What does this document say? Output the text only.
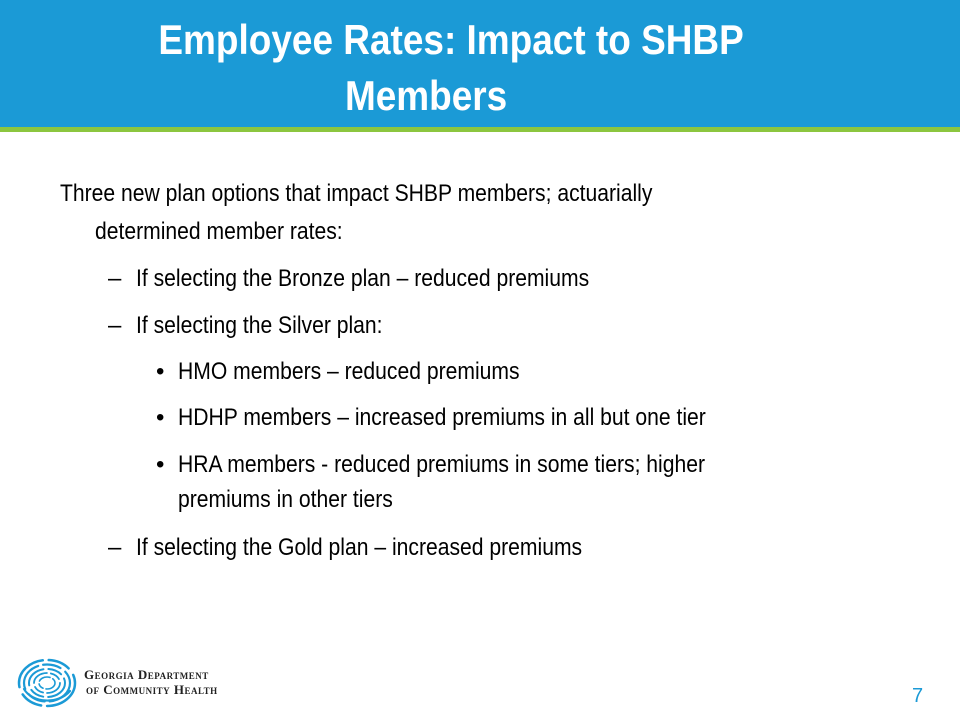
Employee Rates: Impact to SHBP
Members
Three new plan options that impact SHBP members; actuarially
determined member rates:
– If selecting the Bronze plan – reduced premiums
– If selecting the Silver plan:
• HMO members – reduced premiums
• HDHP members – increased premiums in all but one tier
• HRA members - reduced premiums in some tiers; higher
premiums in other tiers
– If selecting the Gold plan – increased premiums
Georgia Department
of Community Health	7
